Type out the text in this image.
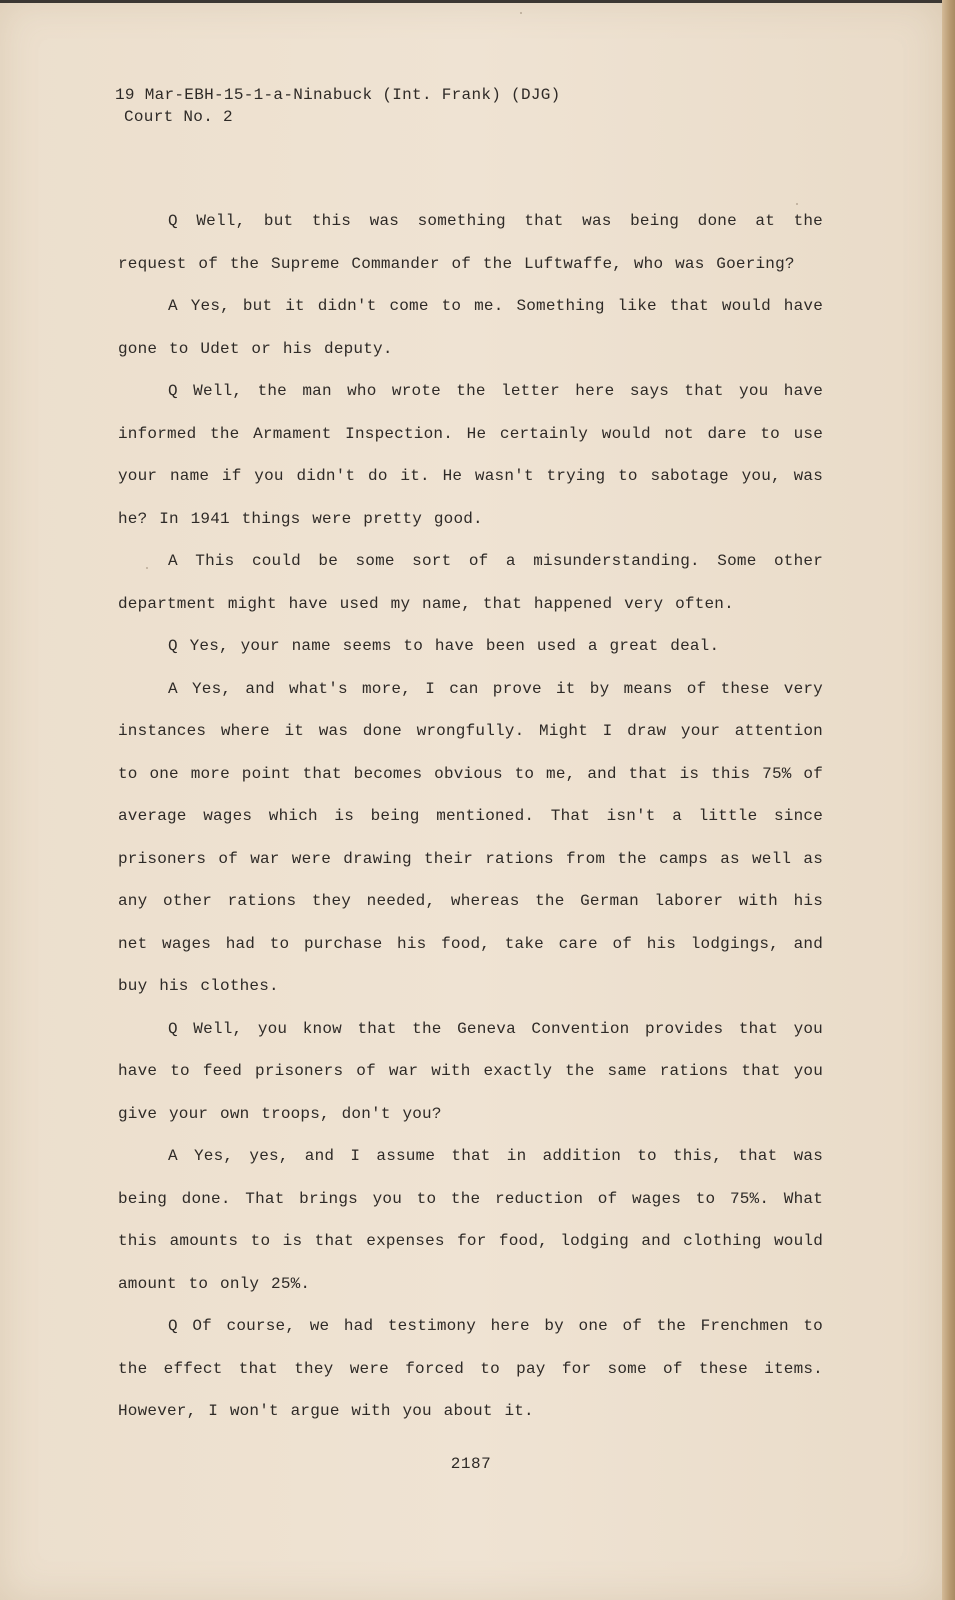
19 Mar-EBH-15-1-a-Ninabuck (Int. Frank) (DJG)
Court No. 2

Q Well, but this was something that was being done at the request of the Supreme Commander of the Luftwaffe, who was Goering?

A Yes, but it didn't come to me. Something like that would have gone to Udet or his deputy.

Q Well, the man who wrote the letter here says that you have informed the Armament Inspection. He certainly would not dare to use your name if you didn't do it. He wasn't trying to sabotage you, was he? In 1941 things were pretty good.

A This could be some sort of a misunderstanding. Some other department might have used my name, that happened very often.

Q Yes, your name seems to have been used a great deal.

A Yes, and what's more, I can prove it by means of these very instances where it was done wrongfully. Might I draw your attention to one more point that becomes obvious to me, and that is this 75% of average wages which is being mentioned. That isn't a little since prisoners of war were drawing their rations from the camps as well as any other rations they needed, whereas the German laborer with his net wages had to purchase his food, take care of his lodgings, and buy his clothes.

Q Well, you know that the Geneva Convention provides that you have to feed prisoners of war with exactly the same rations that you give your own troops, don't you?

A Yes, yes, and I assume that in addition to this, that was being done. That brings you to the reduction of wages to 75%. What this amounts to is that expenses for food, lodging and clothing would amount to only 25%.

Q Of course, we had testimony here by one of the Frenchmen to the effect that they were forced to pay for some of these items. However, I won't argue with you about it.

2187
